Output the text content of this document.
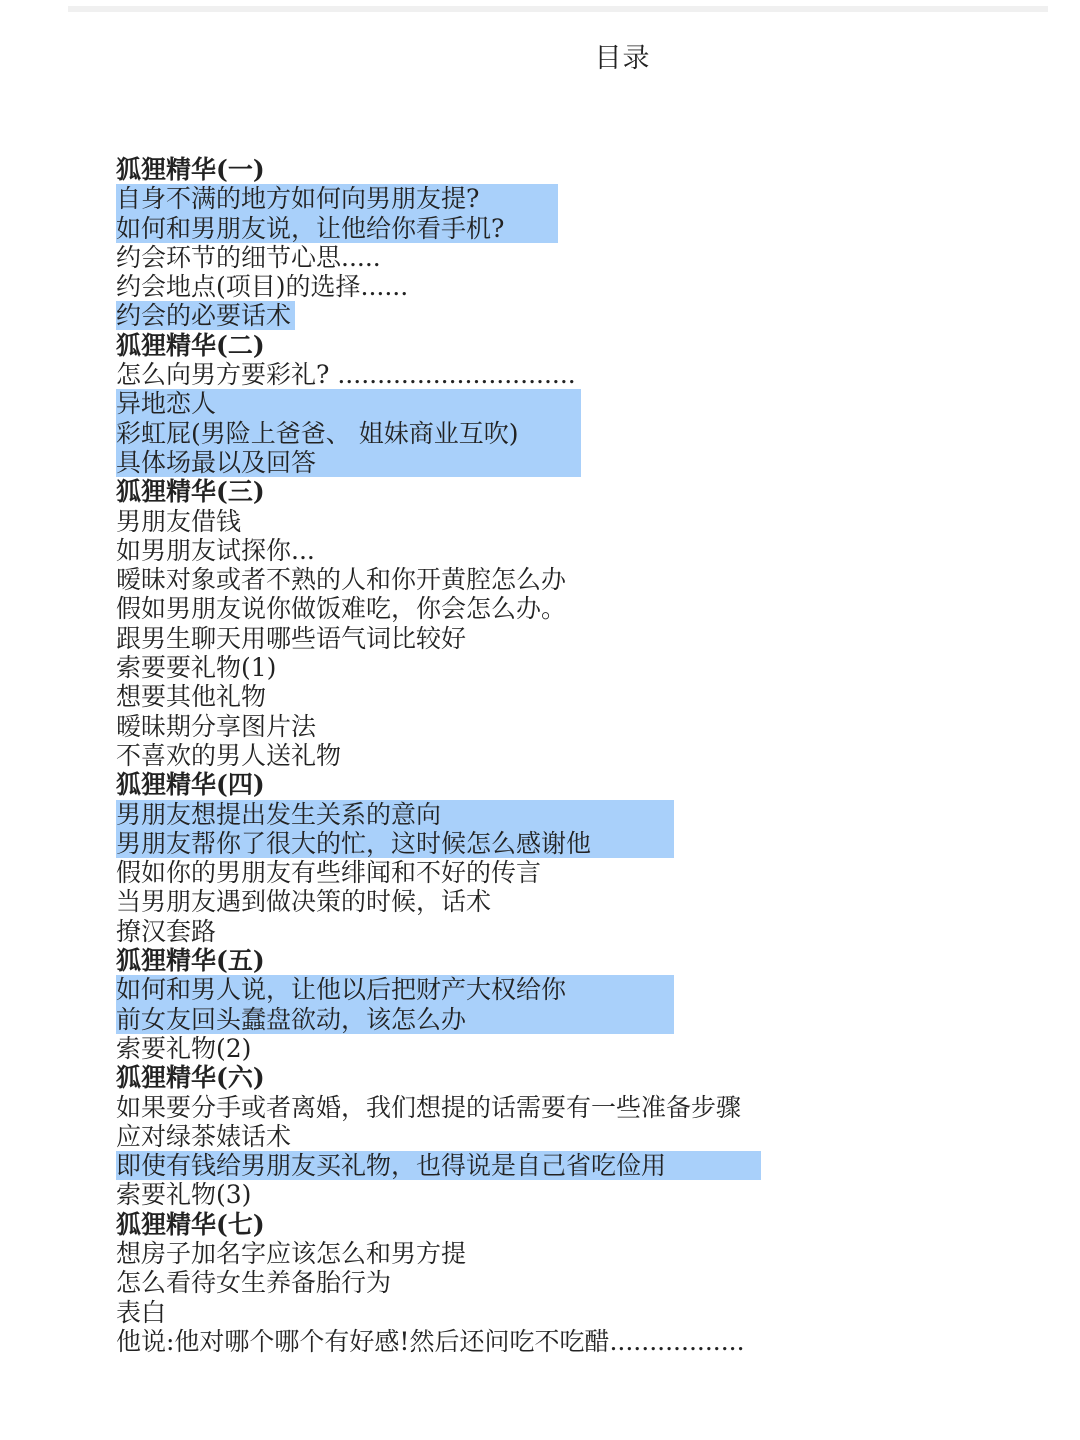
目录
狐狸精华(一)
自身不满的地方如何向男朋友提?
如何和男朋友说，让他给你看手机?
约会环节的细节心思.....
约会地点(项目)的选择......
约会的必要话术
狐狸精华(二)
怎么向男方要彩礼? ..............................
异地恋人
彩虹屁(男险上爸爸、 姐妹商业互吹)
具体场最以及回答
狐狸精华(三)
男朋友借钱
如男朋友试探你...
暧昧对象或者不熟的人和你开黄腔怎么办
假如男朋友说你做饭难吃，你会怎么办。
跟男生聊天用哪些语气词比较好
索要要礼物(1)
想要其他礼物
暧昧期分享图片法
不喜欢的男人送礼物
狐狸精华(四)
男朋友想提出发生关系的意向
男朋友帮你了很大的忙，这时候怎么感谢他
假如你的男朋友有些绯闻和不好的传言
当男朋友遇到做决策的时候，话术
撩汉套路
狐狸精华(五)
如何和男人说，让他以后把财产大权给你
前女友回头蠢盘欲动，该怎么办
索要礼物(2)
狐狸精华(六)
如果要分手或者离婚，我们想提的话需要有一些准备步骤
应对绿茶婊话术
即使有钱给男朋友买礼物，也得说是自己省吃俭用
索要礼物(3)
狐狸精华(七)
想房子加名字应该怎么和男方提
怎么看待女生养备胎行为
表白
他说:他对哪个哪个有好感!然后还问吃不吃醋.................
